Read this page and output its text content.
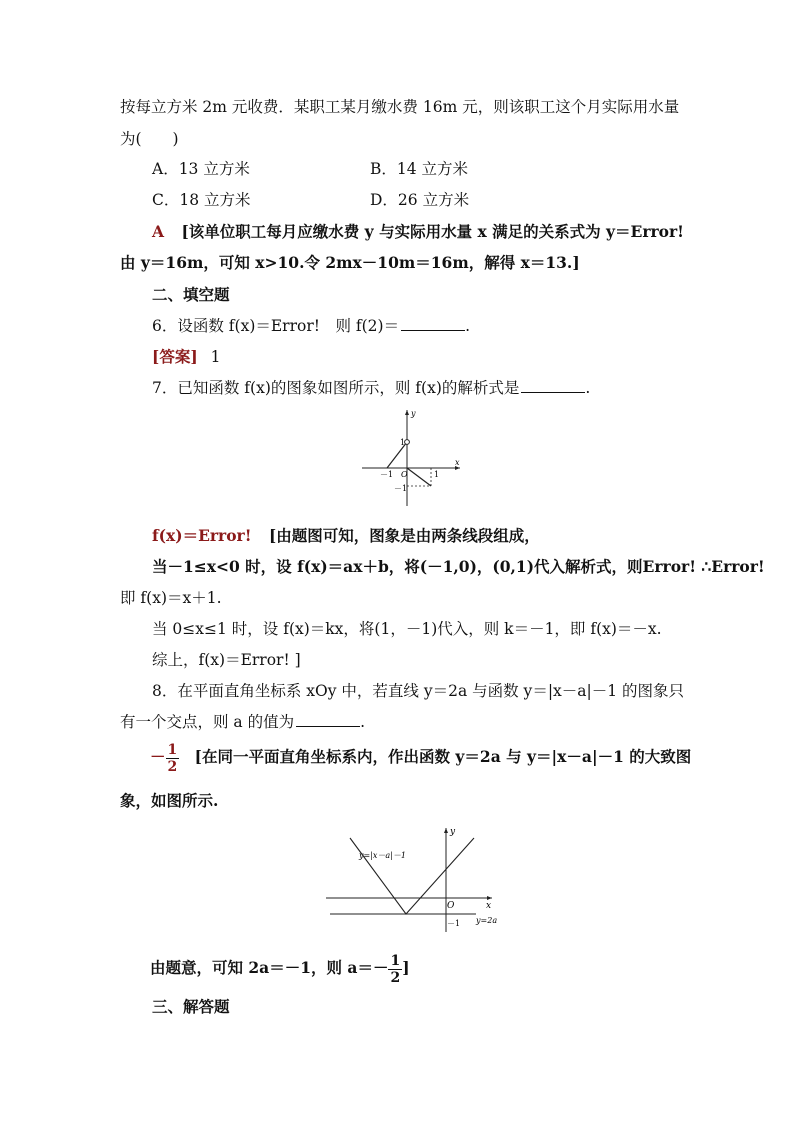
按每立方米 2m 元收费．某职工某月缴水费 16m 元，则该职工这个月实际用水量
为(　　)
A．13 立方米	B．14 立方米
C．18 立方米	D．26 立方米
A [该单位职工每月应缴水费 y 与实际用水量 x 满足的关系式为 y＝Error!
由 y＝16m，可知 x>10.令 2mx－10m＝16m，解得 x＝13.]
二、填空题
6．设函数 f(x)＝Error!　则 f(2)＝	.
[答案] 1
7．已知函数 f(x)的图象如图所示，则 f(x)的解析式是	.
y
x
1
O
－1	1
－1
f(x)＝Error! [由题图可知，图象是由两条线段组成，
当－1≤x<0 时，设 f(x)＝ax＋b，将(－1,0)，(0,1)代入解析式，则Error! ∴Error!
即 f(x)＝x＋1.
当 0≤x≤1 时，设 f(x)＝kx，将(1，－1)代入，则 k＝－1，即 f(x)＝－x.
综上，f(x)＝Error! ]
8．在平面直角坐标系 xOy 中，若直线 y＝2a 与函数 y＝|x－a|－1 的图象只
有一个交点，则 a 的值为	.
－ $\frac{1}{2}$ [在同一平面直角坐标系内，作出函数 y＝2a 与 y＝|x－a|－1 的大致图
象，如图所示.
y
x
O
－1
y=|x－a|－1
y=2a
由题意，可知 2a＝－1，则 $a=- \frac{1}{2}$ ]
三、解答题
